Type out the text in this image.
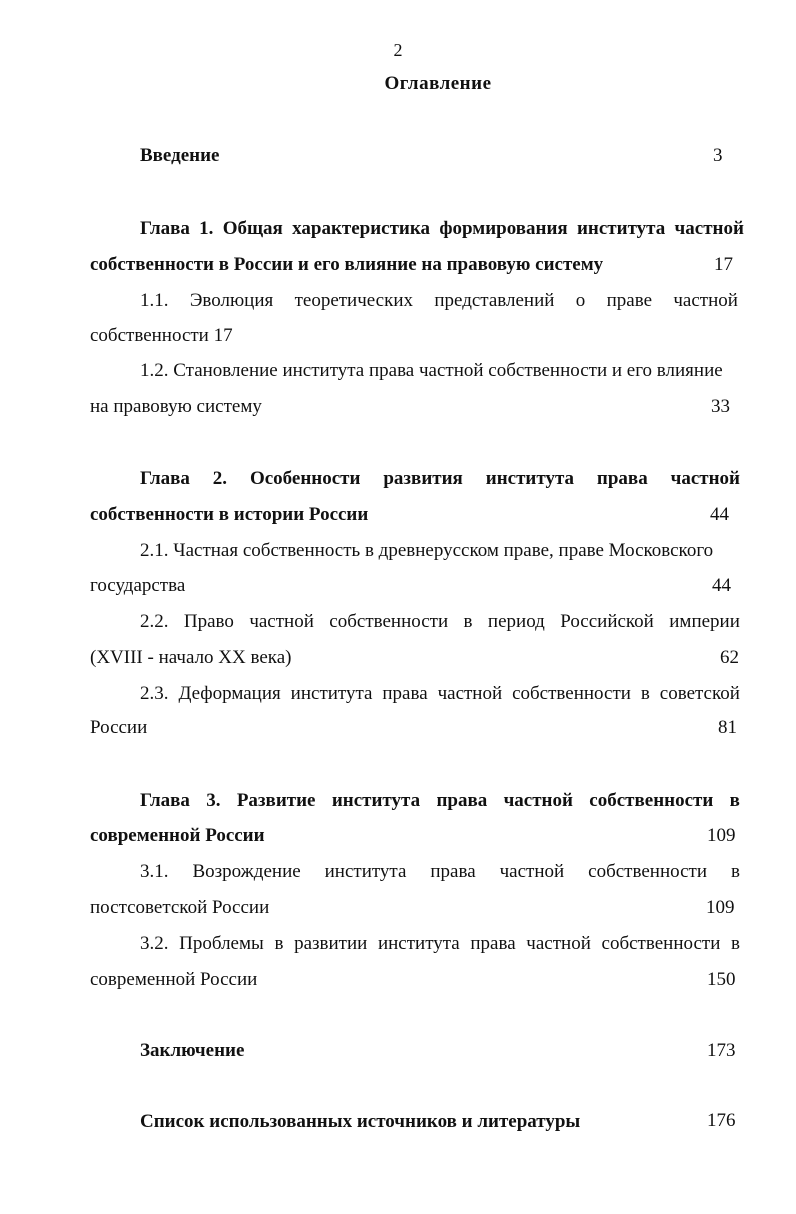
2
Оглавление
Введение	3
Глава 1. Общая характеристика формирования института частной
собственности в России и его влияние на правовую систему	17
1.1. Эволюция теоретических представлений о праве частной
собственности 17
1.2. Становление института права частной собственности и его влияние
на правовую систему	33
Глава 2. Особенности развития института права частной
собственности в истории России	44
2.1. Частная собственность в древнерусском праве, праве Московского
государства	44
2.2. Право частной собственности в период Российской империи
(XVIII - начало XX века)	62
2.3. Деформация института права частной собственности в советской
России	81
Глава 3. Развитие института права частной собственности в
современной России	109
3.1. Возрождение института права частной собственности в
постсоветской России	109
3.2. Проблемы в развитии института права частной собственности в
современной России	150
Заключение	173
Список использованных источников и литературы	176
